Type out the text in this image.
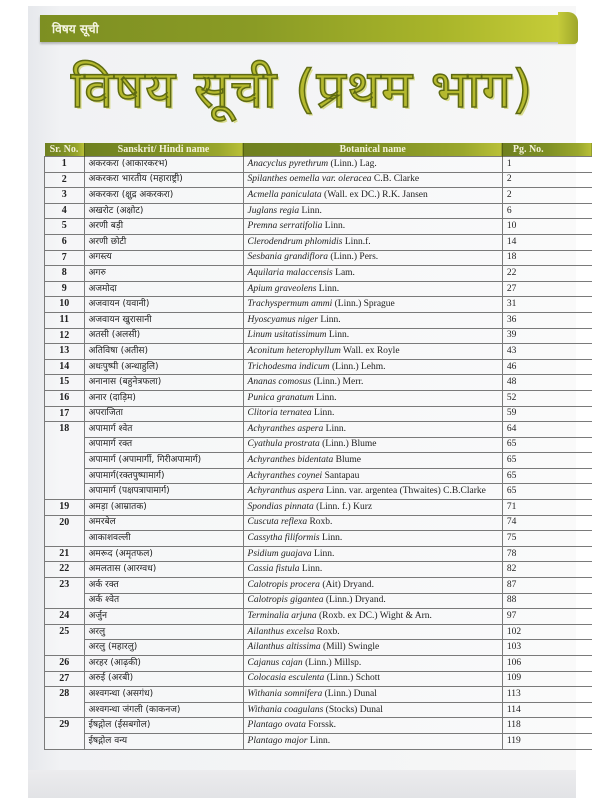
विषय सूची
विषय सूची (प्रथम भाग)
Sr. No.	Sanskrit/ Hindi name	Botanical name	Pg. No.
1	अकरकरा (आकारकरभ)	Anacyclus pyrethrum (Linn.) Lag.	1
2	अकरकरा भारतीय (महाराष्ट्री)	Spilanthes oemella var. oleracea C.B. Clarke	2
3	अकरकरा (क्षुद्र अकरकरा)	Acmella paniculata (Wall. ex DC.) R.K. Jansen	2
4	अखरोट (अक्षोट)	Juglans regia Linn.	6
5	अरणी बड़ी	Premna serratifolia Linn.	10
6	अरणी छोटी	Clerodendrum phlomidis Linn.f.	14
7	अगस्त्य	Sesbania grandiflora (Linn.) Pers.	18
8	अगरु	Aquilaria malaccensis Lam.	22
9	अजमोदा	Apium graveolens Linn.	27
10	अजवायन (यवानी)	Trachyspermum ammi (Linn.) Sprague	31
11	अजवायन खुरासानी	Hyoscyamus niger Linn.	36
12	अतसी (अलसी)	Linum usitatissimum Linn.	39
13	अतिविषा (अतीस)	Aconitum heterophyllum Wall. ex Royle	43
14	अधःपुष्पी (अन्धाहुलि)	Trichodesma indicum (Linn.) Lehm.	46
15	अनानास (बहुनेत्रफला)	Ananas comosus (Linn.) Merr.	48
16	अनार (दाड़िम)	Punica granatum Linn.	52
17	अपराजिता	Clitoria ternatea Linn.	59
18	अपामार्ग श्वेत	Achyranthes aspera Linn.	64
	अपामार्ग रक्त	Cyathula prostrata (Linn.) Blume	65
	अपामार्ग (अपामार्गी, गिरीअपामार्ग)	Achyranthes bidentata Blume	65
	अपामार्ग(रक्तपुष्पामार्ग)	Achyranthes coynei Santapau	65
	अपामार्ग (पक्षपत्रापामार्ग)	Achyranthus aspera Linn. var. argentea (Thwaites) C.B.Clarke	65
19	अमड़ा (आम्रातक)	Spondias pinnata (Linn. f.) Kurz	71
20	अमरबेल	Cuscuta reflexa Roxb.	74
	आकाशवल्ली	Cassytha filiformis Linn.	75
21	अमरूद (अमृतफल)	Psidium guajava Linn.	78
22	अमलतास (आरग्वध)	Cassia fistula Linn.	82
23	अर्क रक्त	Calotropis procera (Ait) Dryand.	87
	अर्क श्वेत	Calotropis gigantea (Linn.) Dryand.	88
24	अर्जुन	Terminalia arjuna (Roxb. ex DC.) Wight & Arn.	97
25	अरलु	Ailanthus excelsa Roxb.	102
	अरलु (महारलु)	Ailanthus altissima (Mill) Swingle	103
26	अरहर (आढ़की)	Cajanus cajan (Linn.) Millsp.	106
27	अरुई (अरबी)	Colocasia esculenta (Linn.) Schott	109
28	अश्वगन्धा (असगंध)	Withania somnifera (Linn.) Dunal	113
	अश्वगन्धा जंगली (काकनज)	Withania coagulans (Stocks) Dunal	114
29	ईषद्गोल (ईसबगोल)	Plantago ovata Forssk.	118
	ईषद्गोल वन्य	Plantago major Linn.	119
